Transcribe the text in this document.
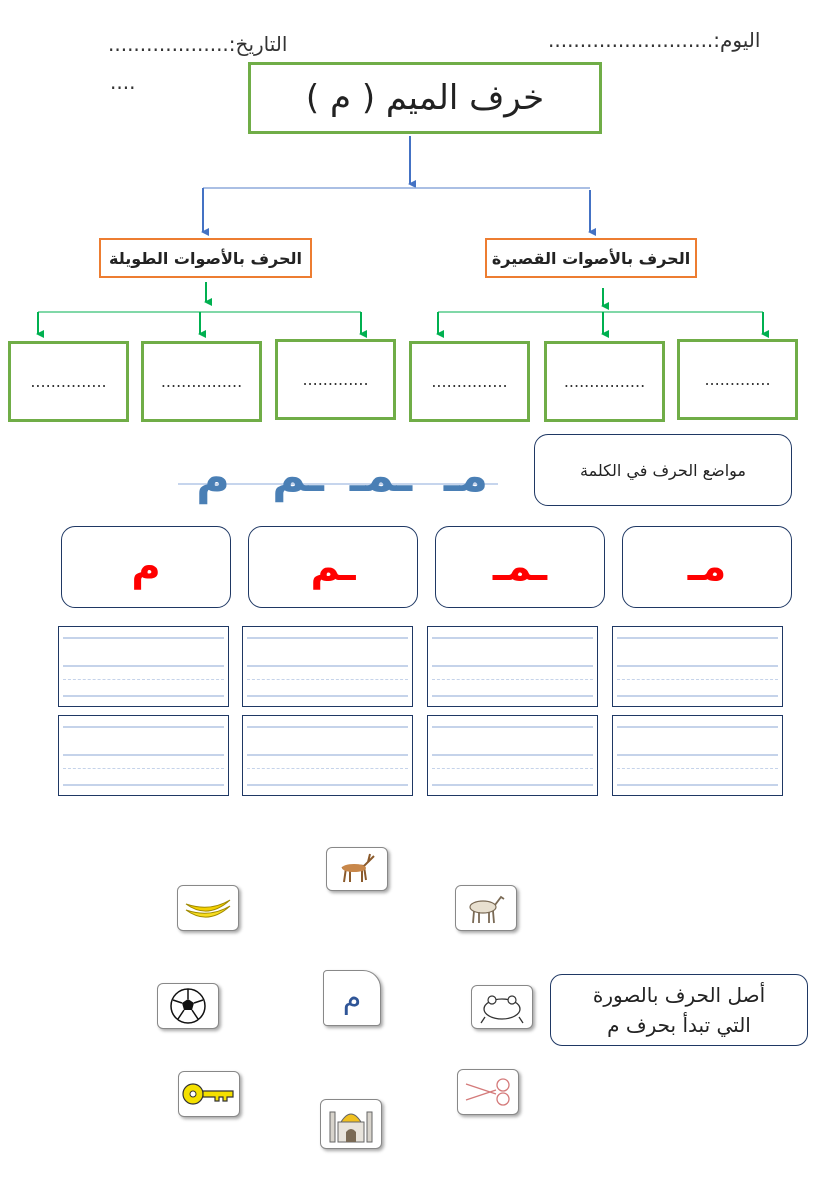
اليوم:..........................
التاريخ:...................
....	خرف الميم ( م )
الحرف بالأصوات الطويلة	الحرف بالأصوات القصيرة
...............	................	.............	...............	................	.............
مواضع الحرف في الكلمة
مـ
ـمـ
ـم
م
مـ
ـمـ
ـم
م
م	أصل الحرف بالصورة
التي تبدأ بحرف م
